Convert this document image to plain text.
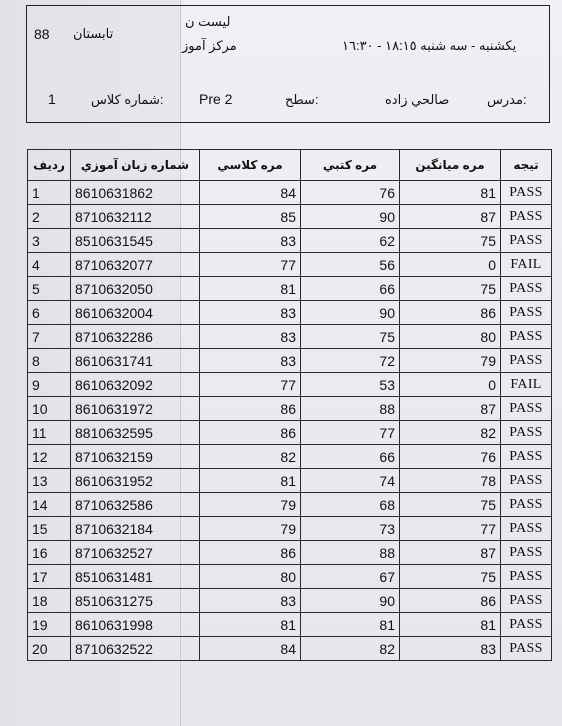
88 تابستان
ليست ن
مركز آموز	يكشنبه - سه شنبه ١٨:١٥ - ١٦:٣٠
1	شماره كلاس:	Pre 2	سطح:	صالحي زاده	مدرس:
رديف	شماره زبان آموزي	مره كلاسي	مره كتبي	مره ميانگين	تيجه
1	8610631862	84	76	81	PASS
2	8710632112	85	90	87	PASS
3	8510631545	83	62	75	PASS
4	8710632077	77	56	0	FAIL
5	8710632050	81	66	75	PASS
6	8610632004	83	90	86	PASS
7	8710632286	83	75	80	PASS
8	8610631741	83	72	79	PASS
9	8610632092	77	53	0	FAIL
10	8610631972	86	88	87	PASS
11	8810632595	86	77	82	PASS
12	8710632159	82	66	76	PASS
13	8610631952	81	74	78	PASS
14	8710632586	79	68	75	PASS
15	8710632184	79	73	77	PASS
16	8710632527	86	88	87	PASS
17	8510631481	80	67	75	PASS
18	8510631275	83	90	86	PASS
19	8610631998	81	81	81	PASS
20	8710632522	84	82	83	PASS
